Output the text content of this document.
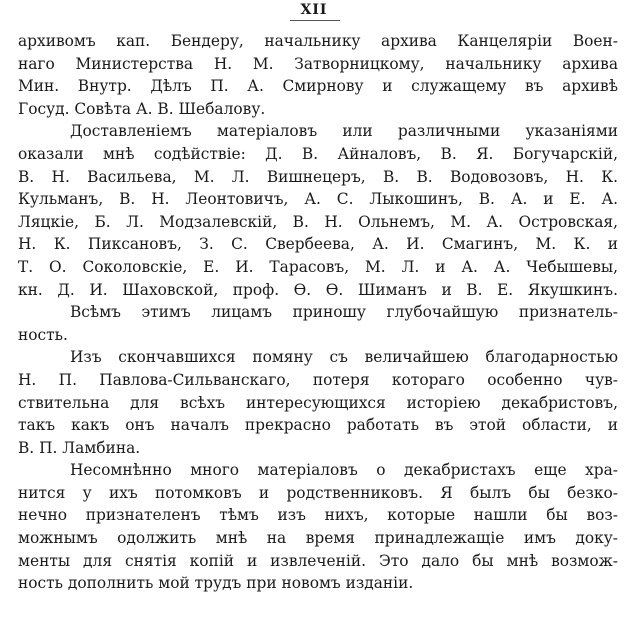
XII
архивомъ кап. Бендеру, начальнику архива Канцеляріи Воен-
наго Министерства Н. М. Затворницкому, начальнику архива
Мин. Внутр. Дѣлъ П. А. Смирнову и служащему въ архивѣ
Госуд. Совѣта А. В. Шебалову.
Доставленіемъ матеріаловъ или различными указаніями
оказали мнѣ содѣйствіе: Д. В. Айналовъ, В. Я. Богучарскій,
В. Н. Васильева, М. Л. Вишнецеръ, В. В. Водовозовъ, Н. К.
Кульманъ, В. Н. Леонтовичъ, А. С. Лыкошинъ, В. А. и Е. А.
Ляцкіе, Б. Л. Модзалевскій, В. Н. Ольнемъ, М. А. Островская,
Н. К. Пиксановъ, З. С. Свербеева, А. И. Смагинъ, М. К. и
Т. О. Соколовскіе, Е. И. Тарасовъ, М. Л. и А. А. Чебышевы,
кн. Д. И. Шаховской, проф. Ѳ. Ѳ. Шиманъ и В. Е. Якушкинъ.
Всѣмъ этимъ лицамъ приношу глубочайшую признатель-
ность.
Изъ скончавшихся помяну съ величайшею благодарностью
Н. П. Павлова-Сильванскаго, потеря котораго особенно чув-
ствительна для всѣхъ интересующихся исторіею декабристовъ,
такъ какъ онъ началъ прекрасно работать въ этой области, и
В. П. Ламбина.
Несомнѣнно много матеріаловъ о декабристахъ еще хра-
нится у ихъ потомковъ и родственниковъ. Я былъ бы безко-
нечно признателенъ тѣмъ изъ нихъ, которые нашли бы воз-
можнымъ одолжить мнѣ на время принадлежащіе имъ доку-
менты для снятія копій и извлеченій. Это дало бы мнѣ возмож-
ность дополнить мой трудъ при новомъ изданіи.
